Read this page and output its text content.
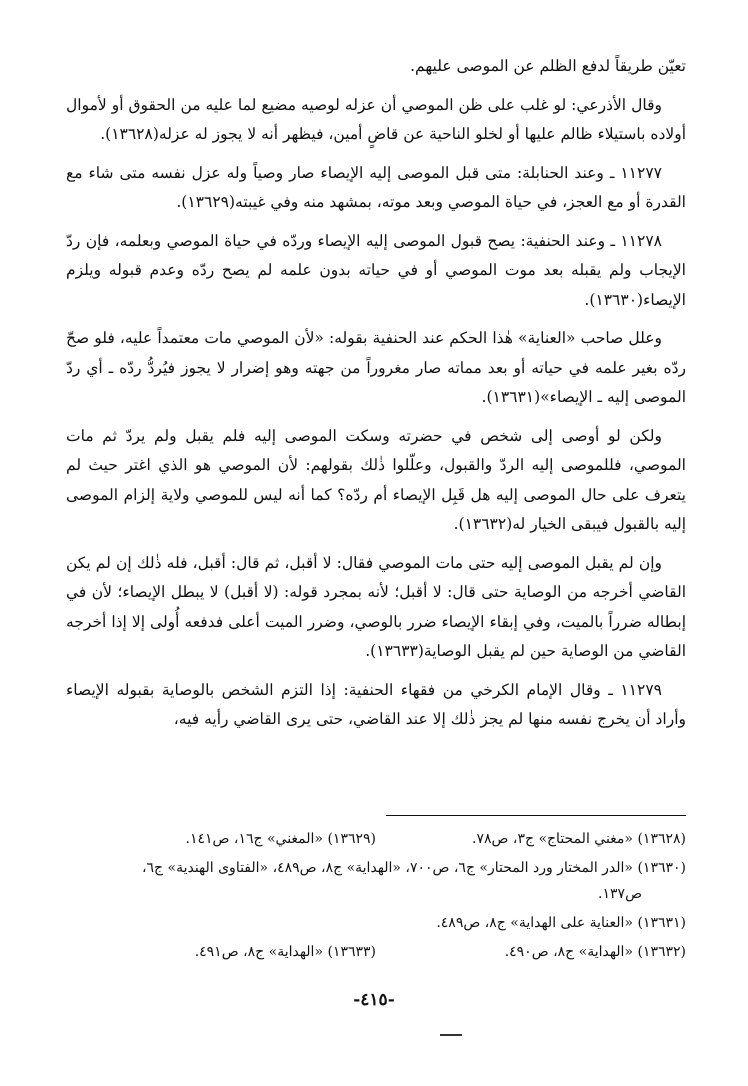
تعيّن طريقاً لدفع الظلم عن الموصى عليهم.

وقال الأذرعي: لو غلب على ظن الموصي أن عزله لوصيه مضيع لما عليه من الحقوق أو لأموال أولاده باستيلاء ظالم عليها أو لخلو الناحية عن قاضٍ أمين، فيظهر أنه لا يجوز له عزله(١٣٦٢٨).

١١٢٧٧ ـ وعند الحنابلة: متى قبل الموصى إليه الإيصاء صار وصياً وله عزل نفسه متى شاء مع القدرة أو مع العجز، في حياة الموصي وبعد موته، بمشهد منه وفي غيبته(١٣٦٢٩).

١١٢٧٨ ـ وعند الحنفية: يصح قبول الموصى إليه الإيصاء وردّه في حياة الموصي وبعلمه، فإن ردّ الإيجاب ولم يقبله بعد موت الموصي أو في حياته بدون علمه لم يصح ردّه وعدم قبوله ويلزم الإيصاء(١٣٦٣٠).

وعلل صاحب «العناية» هٰذا الحكم عند الحنفية بقوله: «لأن الموصي مات معتمداً عليه، فلو صحّ ردّه بغير علمه في حياته أو بعد مماته صار مغروراً من جهته وهو إضرار لا يجوز فيُردُّ ردّه ـ أي ردّ الموصى إليه ـ الإيصاء»(١٣٦٣١).

ولكن لو أوصى إلى شخص في حضرته وسكت الموصى إليه فلم يقبل ولم يردّ ثم مات الموصي، فللموصى إليه الردّ والقبول، وعلّلوا ذٰلك بقولهم: لأن الموصي هو الذي اغتر حيث لم يتعرف على حال الموصى إليه هل قَبِل الإيصاء أم ردّه؟ كما أنه ليس للموصي ولاية إلزام الموصى إليه بالقبول فيبقى الخيار له(١٣٦٣٢).

وإن لم يقبل الموصى إليه حتى مات الموصي فقال: لا أقبل، ثم قال: أقبل، فله ذٰلك إن لم يكن القاضي أخرجه من الوصاية حتى قال: لا أقبل؛ لأنه بمجرد قوله: (لا أقبل) لا يبطل الإيصاء؛ لأن في إبطاله ضرراً بالميت، وفي إبقاء الإيصاء ضرر بالوصي، وضرر الميت أعلى فدفعه أُولى إلا إذا أخرجه القاضي من الوصاية حين لم يقبل الوصاية(١٣٦٣٣).

١١٢٧٩ ـ وقال الإمام الكرخي من فقهاء الحنفية: إذا التزم الشخص بالوصاية بقبوله الإيصاء وأراد أن يخرج نفسه منها لم يجز ذٰلك إلا عند القاضي، حتى يرى القاضي رأيه فيه،

(١٣٦٢٨) «مغني المحتاج» ج٣، ص٧٨.
(١٣٦٢٩) «المغني» ج١٦، ص١٤١.
(١٣٦٣٠) «الدر المختار ورد المحتار» ج٦، ص٧٠٠، «الهداية» ج٨، ص٤٨٩، «الفتاوى الهندية» ج٦،
ص١٣٧.
(١٣٦٣١) «العناية على الهداية» ج٨، ص٤٨٩.
(١٣٦٣٢) «الهداية» ج٨، ص٤٩٠.
(١٣٦٣٣) «الهداية» ج٨، ص٤٩١.
-٤١٥-
